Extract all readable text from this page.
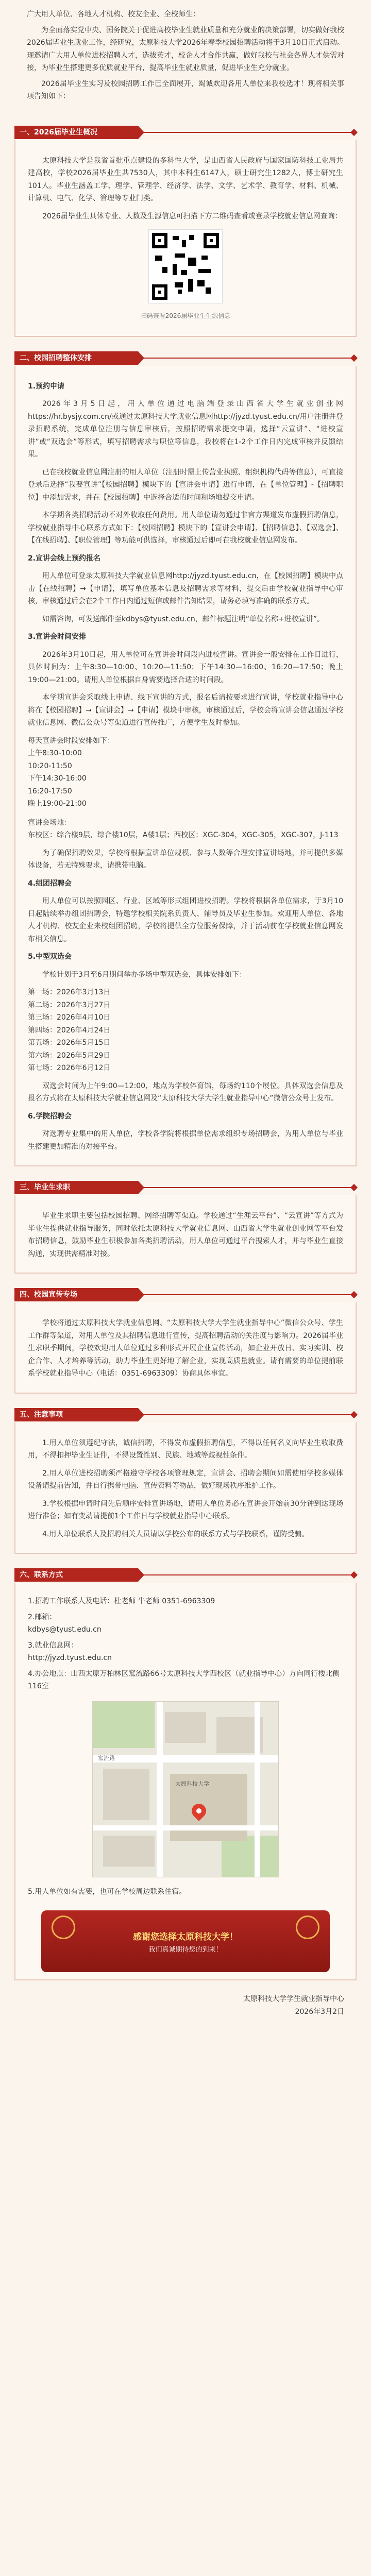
广大用人单位、各地人才机构、校友企业、全校师生：

为全面落实党中央、国务院关于促进高校毕业生就业质量和充分就业的决策部署，切实做好我校2026届毕业生就业工作，经研究，太原科技大学2026年春季校园招聘活动将于3月10日正式启动。现邀请广大用人单位进校招聘人才，选拔英才，校企人才合作共赢，做好我校与社会各界人才供需对接，为毕业生搭建更多优质就业平台，提高毕业生就业质量，促进毕业生充分就业。

2026届毕业生实习及校园招聘工作已全面展开，竭诚欢迎各用人单位来我校选才！现将相关事项告知如下：

一、2026届毕业生概况

太原科技大学是我省首批重点建设的多科性大学，是山西省人民政府与国家国防科技工业局共建高校，学校2026届毕业生共7530人，其中本科生6147人，硕士研究生1282人，博士研究生101人。毕业生涵盖工学、理学、管理学、经济学、法学、文学、艺术学、教育学、材料、机械、计算机、电气、化学、管理等专业门类。

2026届毕业生具体专业、人数及生源信息可扫描下方二维码查看或登录学校就业信息网查询：

扫码查看2026届毕业生生源信息

二、校园招聘整体安排

1.预约申请

2026年3月5日起，用人单位通过电脑端登录山西省大学生就业创业网https://hr.bysjy.com.cn/或通过太原科技大学就业信息网http://jyzd.tyust.edu.cn/用户注册并登录招聘系统，完成单位注册与信息审核后，按照招聘需求提交申请，选择“云宣讲”、“进校宣讲”或“双选会”等形式，填写招聘需求与职位等信息，我校将在1-2个工作日内完成审核并反馈结果。

已在我校就业信息网注册的用人单位（注册时需上传营业执照、组织机构代码等信息），可直接登录后选择“我要宣讲”【校园招聘】模块下的【宣讲会申请】进行申请，在【单位管理】-【招聘职位】中添加需求，并在【校园招聘】中选择合适的时间和场地提交申请。

本学期各类招聘活动不对外收取任何费用。用人单位请勿通过非官方渠道发布虚假招聘信息，学校就业指导中心联系方式如下：【校园招聘】模块下的【宣讲会申请】、【招聘信息】、【双选会】、【在线招聘】、【职位管理】等功能可供选择，审核通过后即可在我校就业信息网发布。

2.宣讲会线上预约报名

用人单位可登录太原科技大学就业信息网http://jyzd.tyust.edu.cn，在【校园招聘】模块中点击【在线招聘】→【申请】，填写单位基本信息及招聘需求等材料，提交后由学校就业指导中心审核，审核通过后会在2个工作日内通过短信或邮件告知结果，请务必填写准确的联系方式。

如需咨询，可发送邮件至kdbys@tyust.edu.cn，邮件标题注明“单位名称+进校宣讲”。

3.宣讲会时间安排

2026年3月10日起，用人单位可在宣讲会时间段内进校宣讲。宣讲会一般安排在工作日进行，具体时间为：上午8:30—10:00、10:20—11:50；下午14:30—16:00、16:20—17:50；晚上19:00—21:00。请用人单位根据自身需要选择合适的时间段。

本学期宣讲会采取线上申请、线下宣讲的方式，报名后请按要求进行宣讲，学校就业指导中心将在【校园招聘】→【宣讲会】→【申请】模块中审核，审核通过后，学校会将宣讲会信息通过学校就业信息网、微信公众号等渠道进行宣传推广，方便学生及时参加。

每天宣讲会时段安排如下：

上午8:30-10:00

10:20-11:50

下午14:30-16:00

16:20-17:50

晚上19:00-21:00

宣讲会场地：

东校区：综合楼9层，综合楼10层，A楼1层；西校区：XGC-304，XGC-305，XGC-307，J-113

为了确保招聘效果，学校将根据宣讲单位规模、参与人数等合理安排宣讲场地，并可提供多媒体设备，若无特殊要求，请携带电脑。

4.组团招聘会

用人单位可以按照园区、行业、区域等形式组团进校招聘。学校将根据各单位需求，于3月10日起陆续举办组团招聘会，特邀学校相关院系负责人、辅导员及毕业生参加。欢迎用人单位、各地人才机构、校友企业来校组团招聘，学校将提供全方位服务保障，并于活动前在学校就业信息网发布相关信息。

5.中型双选会

学校计划于3月至6月期间举办多场中型双选会，具体安排如下：

第一场：2026年3月13日

第二场：2026年3月27日

第三场：2026年4月10日

第四场：2026年4月24日

第五场：2026年5月15日

第六场：2026年5月29日

第七场：2026年6月12日

双选会时间为上午9:00—12:00，地点为学校体育馆，每场约110个展位。具体双选会信息及报名方式将在太原科技大学就业信息网及“太原科技大学大学生就业指导中心”微信公众号上发布。

6.学院招聘会

对选聘专业集中的用人单位，学校各学院将根据单位需求组织专场招聘会，为用人单位与毕业生搭建更加精准的对接平台。

三、毕业生求职

毕业生求职主要包括校园招聘、网络招聘等渠道。学校通过“生涯云平台”、“云宣讲”等方式为毕业生提供就业指导服务，同时依托太原科技大学就业信息网、山西省大学生就业创业网等平台发布招聘信息，鼓励毕业生积极参加各类招聘活动，用人单位可通过平台搜索人才，并与毕业生直接沟通，实现供需精准对接。

四、校园宣传专场

学校将通过太原科技大学就业信息网、“太原科技大学大学生就业指导中心”微信公众号、学生工作群等渠道，对用人单位及其招聘信息进行宣传，提高招聘活动的关注度与影响力。2026届毕业生求职季期间，学校欢迎用人单位通过多种形式开展企业宣传活动，如企业开放日、实习实训、校企合作、人才培养等活动，助力毕业生更好地了解企业，实现高质量就业。请有需要的单位提前联系学校就业指导中心（电话：0351-6963309）协商具体事宜。

五、注意事项

1.用人单位须遵纪守法，诚信招聘，不得发布虚假招聘信息，不得以任何名义向毕业生收取费用，不得扣押毕业生证件，不得设置性别、民族、地域等歧视性条件。

2.用人单位进校招聘须严格遵守学校各项管理规定，宣讲会、招聘会期间如需使用学校多媒体设备请提前告知，并自行携带电脑、宣传资料等物品，做好现场秩序维护工作。

3.学校根据申请时间先后顺序安排宣讲场地，请用人单位务必在宣讲会开始前30分钟到达现场进行准备；如有变动请提前1个工作日与学校就业指导中心联系。

4.用人单位联系人及招聘相关人员请以学校公布的联系方式与学校联系，谨防受骗。

六、联系方式

1.招聘工作联系人及电话：杜老师 牛老师 0351-6963309

2.邮箱：

kdbys@tyust.edu.cn

3.就业信息网：

http://jyzd.tyust.edu.cn

4.办公地点：山西太原万柏林区窊流路66号太原科技大学西校区（就业指导中心）方向同行楼北侧116室

太原科技大学
窊流路

5.用人单位如有需要，也可在学校周边联系住宿。

感谢您选择太原科技大学！
我们真诚期待您的到来！

太原科技大学学生就业指导中心

2026年3月2日
